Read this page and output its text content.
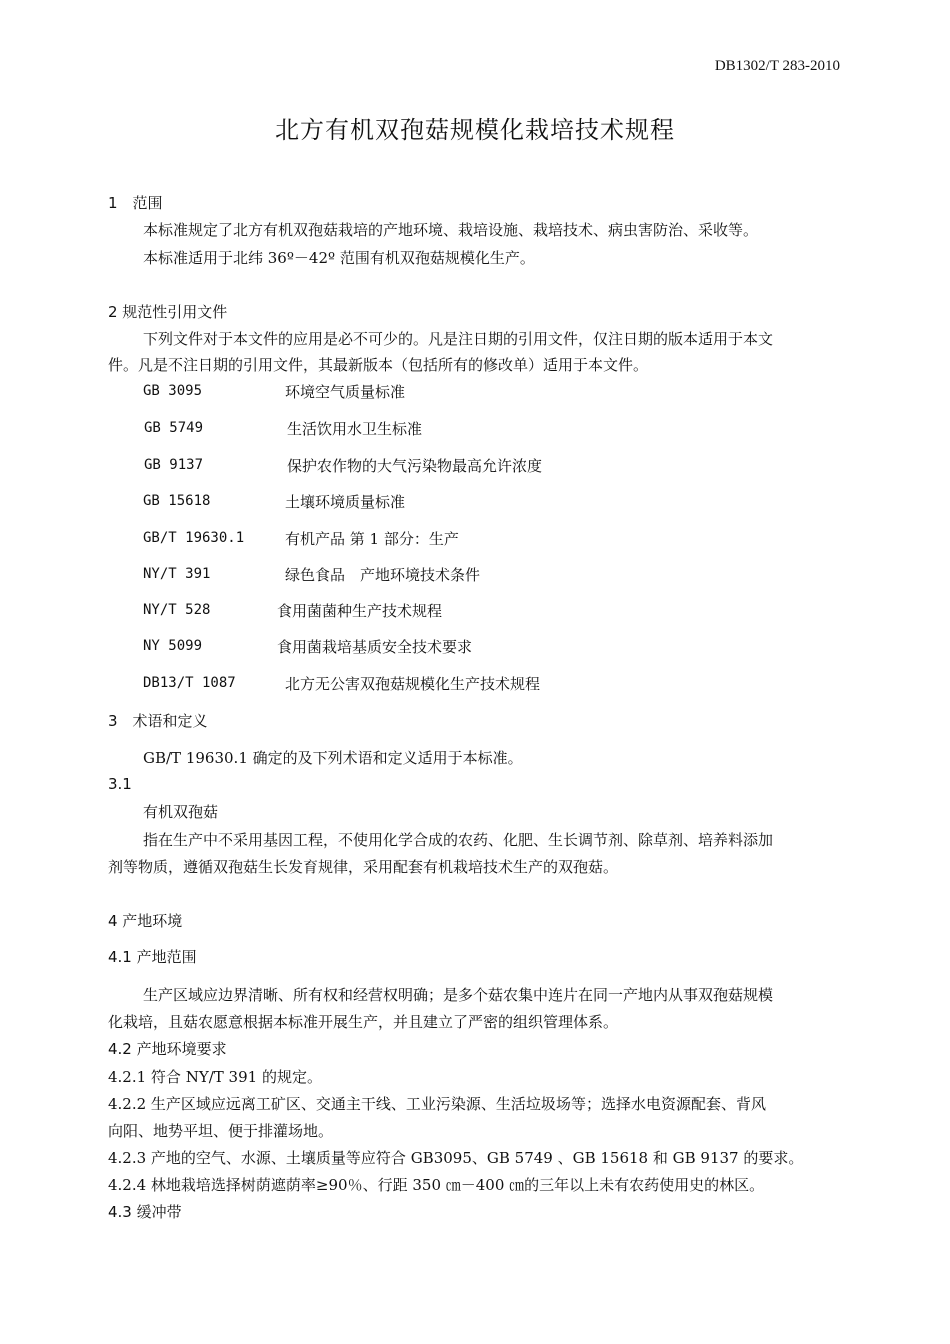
DB1302/T 283-2010
北方有机双孢菇规模化栽培技术规程
1　范围
本标准规定了北方有机双孢菇栽培的产地环境、栽培设施、栽培技术、病虫害防治、采收等。
本标准适用于北纬 36º－42º 范围有机双孢菇规模化生产。
2 规范性引用文件
下列文件对于本文件的应用是必不可少的。凡是注日期的引用文件，仅注日期的版本适用于本文
件。凡是不注日期的引用文件，其最新版本（包括所有的修改单）适用于本文件。
GB 3095	环境空气质量标准
GB 5749	生活饮用水卫生标准
GB 9137	保护农作物的大气污染物最高允许浓度
GB 15618	土壤环境质量标准
GB/T 19630.1	有机产品 第 1 部分：生产
NY/T 391	绿色食品　产地环境技术条件
NY/T 528	食用菌菌种生产技术规程
NY 5099	食用菌栽培基质安全技术要求
DB13/T 1087	北方无公害双孢菇规模化生产技术规程
3　术语和定义
GB/T 19630.1 确定的及下列术语和定义适用于本标准。
3.1
有机双孢菇
指在生产中不采用基因工程，不使用化学合成的农药、化肥、生长调节剂、除草剂、培养料添加
剂等物质，遵循双孢菇生长发育规律，采用配套有机栽培技术生产的双孢菇。
4 产地环境
4.1 产地范围
生产区域应边界清晰、所有权和经营权明确；是多个菇农集中连片在同一产地内从事双孢菇规模
化栽培，且菇农愿意根据本标准开展生产，并且建立了严密的组织管理体系。
4.2 产地环境要求
4.2.1 符合 NY/T 391 的规定。
4.2.2 生产区域应远离工矿区、交通主干线、工业污染源、生活垃圾场等；选择水电资源配套、背风
向阳、地势平坦、便于排灌场地。
4.2.3 产地的空气、水源、土壤质量等应符合 GB3095、GB 5749 、GB 15618 和 GB 9137 的要求。
4.2.4 林地栽培选择树荫遮荫率≥90％、行距 350 ㎝－400 ㎝的三年以上未有农药使用史的林区。
4.3 缓冲带
